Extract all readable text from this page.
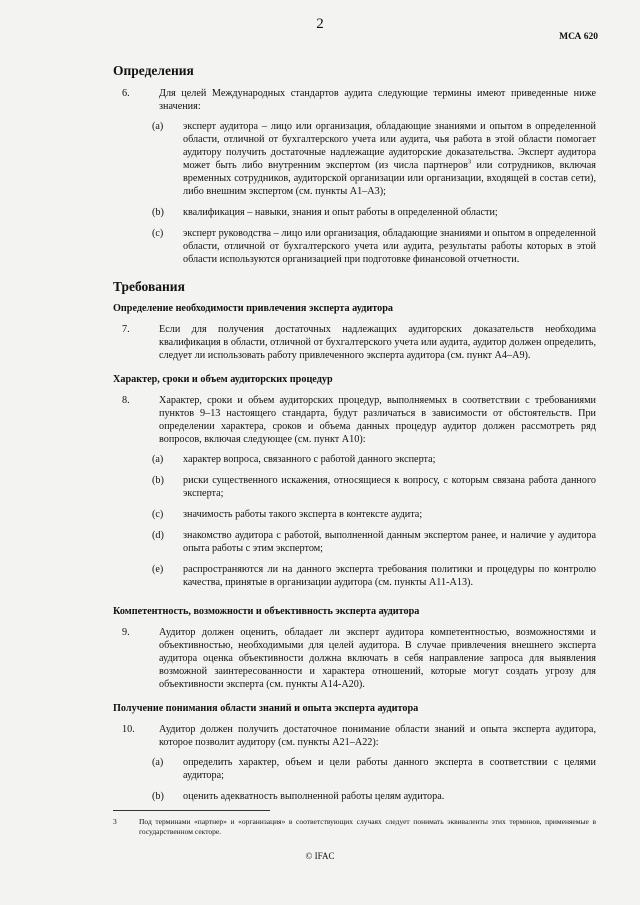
2
МСА 620
Определения
6.	Для целей Международных стандартов аудита следующие термины имеют приведенные ниже значения:

(a)	эксперт аудитора – лицо или организация, обладающие знаниями и опытом в определенной области, отличной от бухгалтерского учета или аудита, чья работа в этой области помогает аудитору получить достаточные надлежащие аудиторские доказательства. Эксперт аудитора может быть либо внутренним экспертом (из числа партнеров$^3$ или сотрудников, включая временных сотрудников, аудиторской организации или организации, входящей в состав сети), либо внешним экспертом (см. пункты А1–А3);

(b)	квалификация – навыки, знания и опыт работы в определенной области;

(c)	эксперт руководства – лицо или организация, обладающие знаниями и опытом в определенной области, отличной от бухгалтерского учета или аудита, результаты работы которых в этой области используются организацией при подготовке финансовой отчетности.

Требования
Определение необходимости привлечения эксперта аудитора
7.	Если для получения достаточных надлежащих аудиторских доказательств необходима квалификация в области, отличной от бухгалтерского учета или аудита, аудитор должен определить, следует ли использовать работу привлеченного эксперта аудитора (см. пункт А4–А9).

Характер, сроки и объем аудиторских процедур
8.	Характер, сроки и объем аудиторских процедур, выполняемых в соответствии с требованиями пунктов 9–13 настоящего стандарта, будут различаться в зависимости от обстоятельств. При определении характера, сроков и объема данных процедур аудитор должен рассмотреть ряд вопросов, включая следующее (см. пункт А10):

(a)	характер вопроса, связанного с работой данного эксперта;

(b)	риски существенного искажения, относящиеся к вопросу, с которым связана работа данного эксперта;

(c)	значимость работы такого эксперта в контексте аудита;

(d)	знакомство аудитора с работой, выполненной данным экспертом ранее, и наличие у аудитора опыта работы с этим экспертом;

(e)	распространяются ли на данного эксперта требования политики и процедуры по контролю качества, принятые в организации аудитора (см. пункты А11-А13).

Компетентность, возможности и объективность эксперта аудитора
9.	Аудитор должен оценить, обладает ли эксперт аудитора компетентностью, возможностями и объективностью, необходимыми для целей аудитора. В случае привлечения внешнего эксперта аудитора оценка объективности должна включать в себя направление запроса для выявления возможной заинтересованности и характера отношений, которые могут создать угрозу для объективности эксперта (см. пункты А14-А20).

Получение понимания области знаний и опыта эксперта аудитора
10.	Аудитор должен получить достаточное понимание области знаний и опыта эксперта аудитора, которое позволит аудитору (см. пункты А21–А22):

(a)	определить характер, объем и цели работы данного эксперта в соответствии с целями аудитора;

(b)	оценить адекватность выполненной работы целям аудитора.

3	Под терминами «партнер» и «организация» в соответствующих случаях следует понимать эквиваленты этих терминов, применяемые в государственном секторе.

© IFAC
